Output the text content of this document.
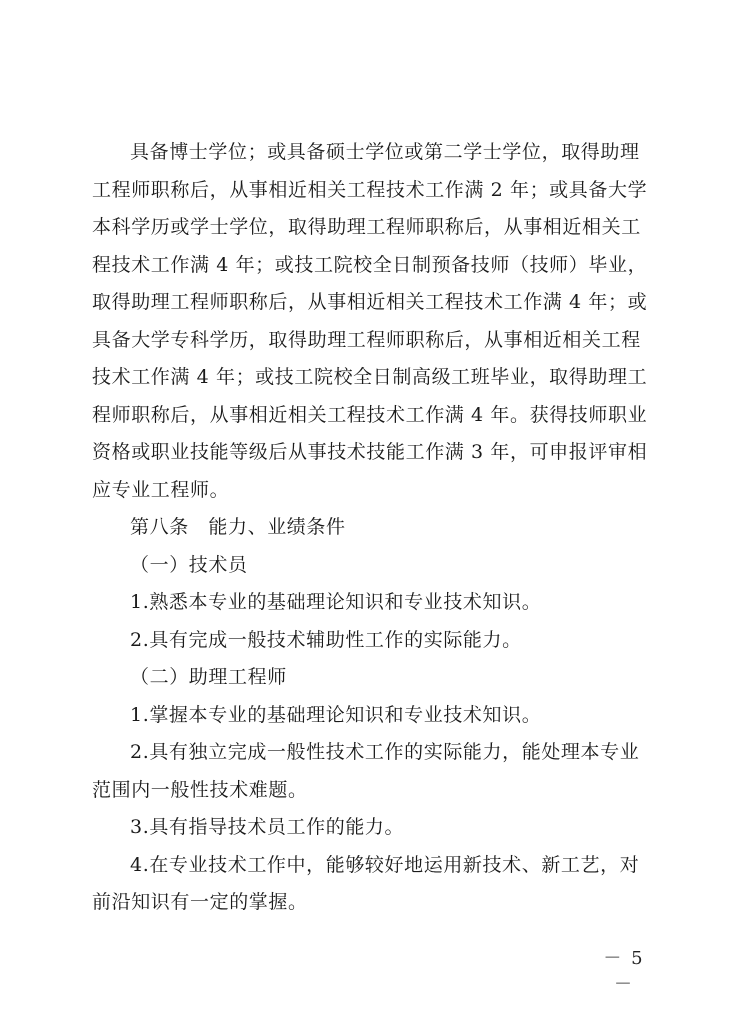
具备博士学位；或具备硕士学位或第二学士学位，取得助理
工程师职称后，从事相近相关工程技术工作满 2 年；或具备大学
本科学历或学士学位，取得助理工程师职称后，从事相近相关工
程技术工作满 4 年；或技工院校全日制预备技师（技师）毕业，
取得助理工程师职称后，从事相近相关工程技术工作满 4 年；或
具备大学专科学历，取得助理工程师职称后，从事相近相关工程
技术工作满 4 年；或技工院校全日制高级工班毕业，取得助理工
程师职称后，从事相近相关工程技术工作满 4 年。获得技师职业
资格或职业技能等级后从事技术技能工作满 3 年，可申报评审相
应专业工程师。
第八条　能力、业绩条件
（一）技术员
1.熟悉本专业的基础理论知识和专业技术知识。
2.具有完成一般技术辅助性工作的实际能力。
（二）助理工程师
1.掌握本专业的基础理论知识和专业技术知识。
2.具有独立完成一般性技术工作的实际能力，能处理本专业
范围内一般性技术难题。
3.具有指导技术员工作的能力。
4.在专业技术工作中，能够较好地运用新技术、新工艺，对
前沿知识有一定的掌握。
－ 5 －
